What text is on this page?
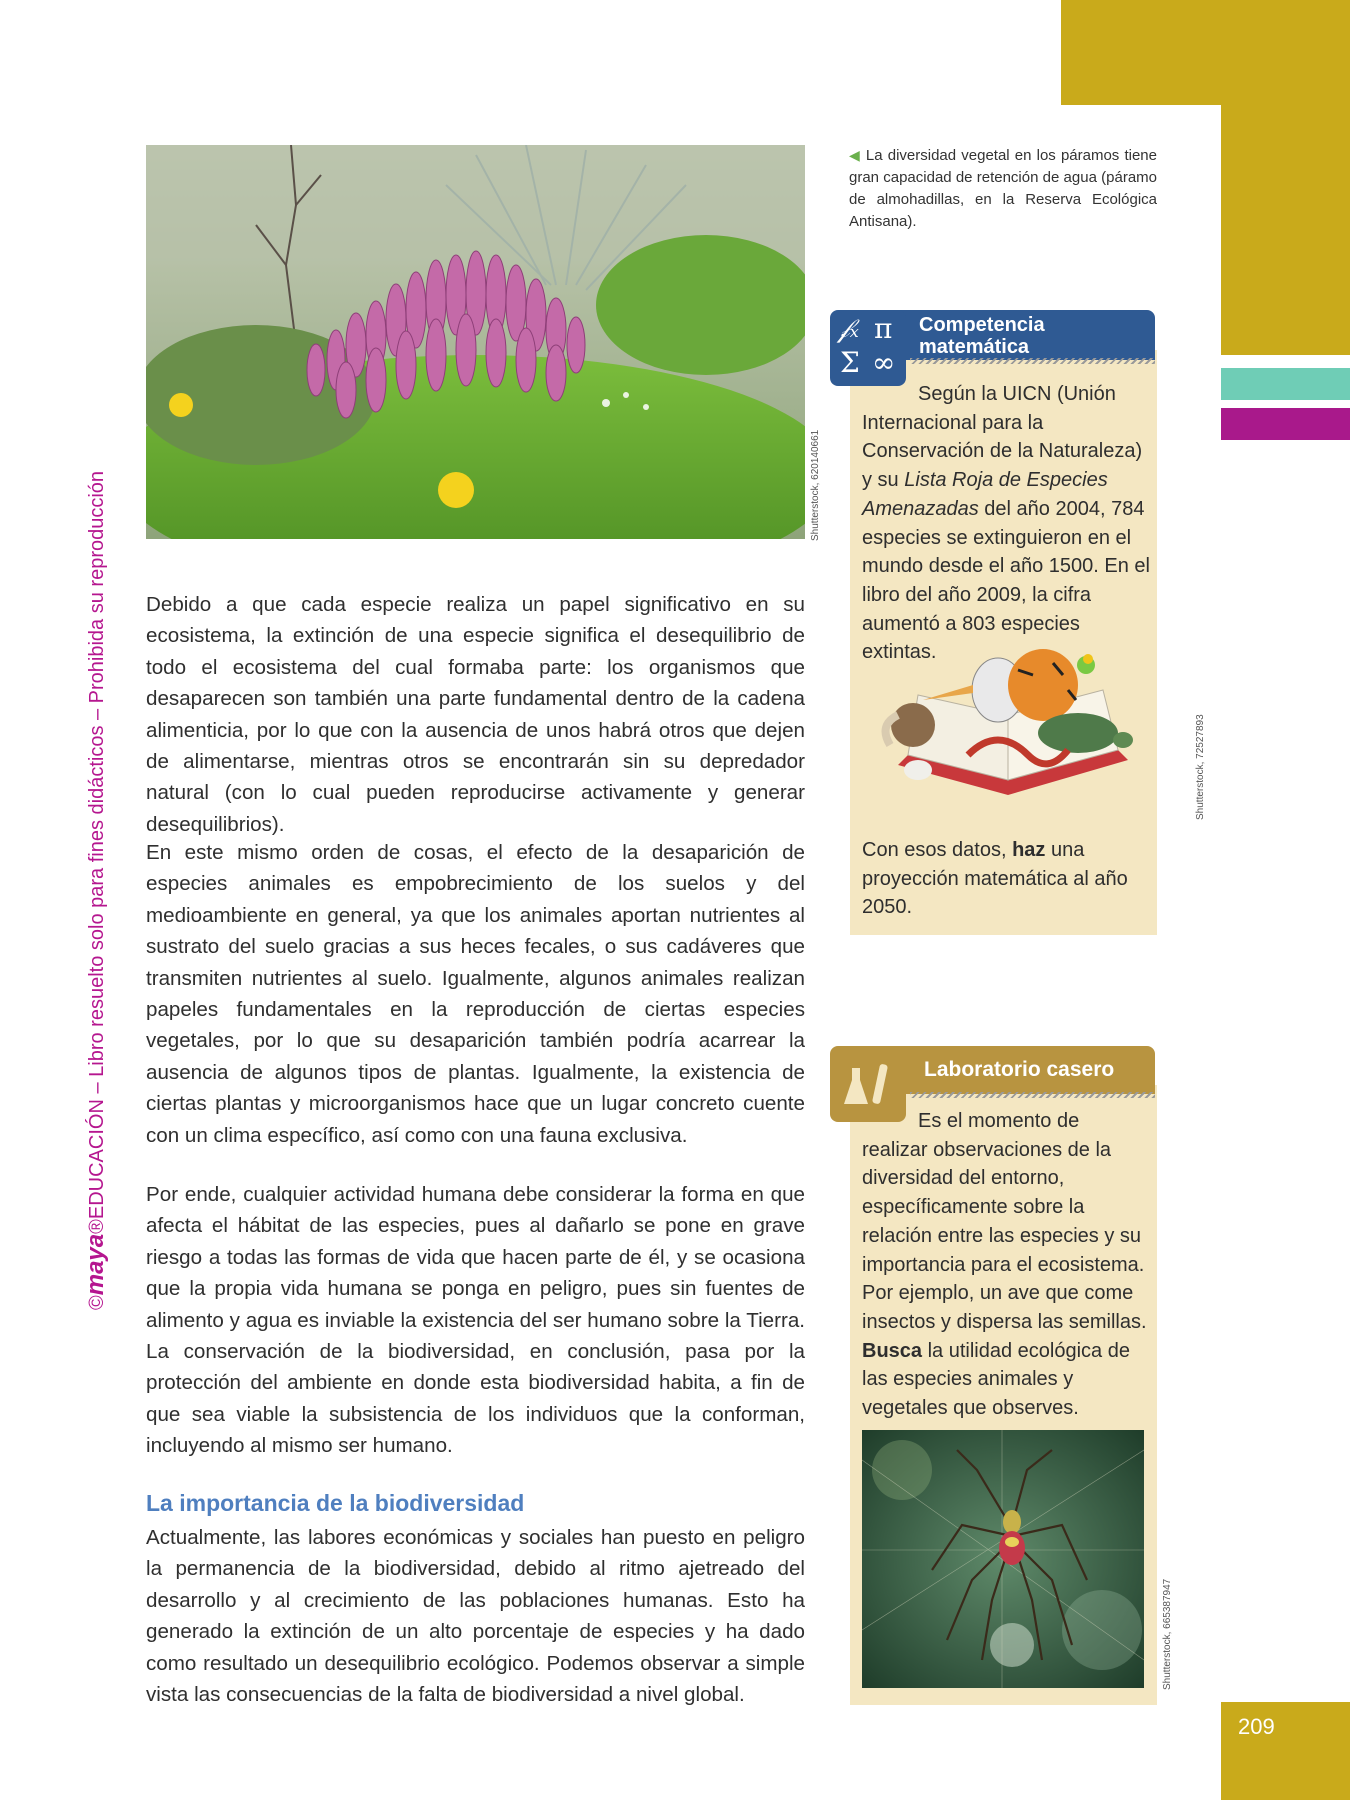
©maya®EDUCACIÓN – Libro resuelto solo para fines didácticos – Prohibida su reproducción	Shutterstock, 620140661
◀ La diversidad vegetal en los páramos tiene gran capacidad de retención de agua (páramo de almohadillas, en la Reserva Ecológica Antisana).

Debido a que cada especie realiza un papel significativo en su ecosistema, la extinción de una especie significa el desequilibrio de todo el ecosistema del cual formaba parte: los organismos que desaparecen son también una parte fundamental dentro de la cadena alimenticia, por lo que con la ausencia de unos habrá otros que dejen de alimentarse, mientras otros se encontrarán sin su depredador natural (con lo cual pueden reproducirse activamente y generar desequilibrios).

En este mismo orden de cosas, el efecto de la desaparición de especies animales es empobrecimiento de los suelos y del medioambiente en general, ya que los animales aportan nutrientes al sustrato del suelo gracias a sus heces fecales, o sus cadáveres que transmiten nutrientes al suelo. Igualmente, algunos animales realizan papeles fundamentales en la reproducción de ciertas especies vegetales, por lo que su desaparición también podría acarrear la ausencia de algunos tipos de plantas. Igualmente, la existencia de ciertas plantas y microorganismos hace que un lugar concreto cuente con un clima específico, así como con una fauna exclusiva.

Por ende, cualquier actividad humana debe considerar la forma en que afecta el hábitat de las especies, pues al dañarlo se pone en grave riesgo a todas las formas de vida que hacen parte de él, y se ocasiona que la propia vida humana se ponga en peligro, pues sin fuentes de alimento y agua es inviable la existencia del ser humano sobre la Tierra. La conservación de la biodiversidad, en conclusión, pasa por la protección del ambiente en donde esta biodiversidad habita, a fin de que sea viable la subsistencia de los individuos que la conforman, incluyendo al mismo ser humano.

La importancia de la biodiversidad

Actualmente, las labores económicas y sociales han puesto en peligro la permanencia de la biodiversidad, debido al ritmo ajetreado del desarrollo y al crecimiento de las poblaciones humanas. Esto ha generado la extinción de un alto porcentaje de especies y ha dado como resultado un desequilibrio ecológico. Podemos observar a simple vista las consecuencias de la falta de biodiversidad a nivel global.

Competencia
matemática
𝒻ₓ π
Σ ∞

Según la UICN (Unión Internacional para la Conservación de la Naturaleza) y su Lista Roja de Especies Amenazadas del año 2004, 784 especies se extinguieron en el mundo desde el año 1500. En el libro del año 2009, la cifra aumentó a 803 especies extintas.

Shutterstock, 72527893

Con esos datos, haz una proyección matemática al año 2050.

Laboratorio casero

Es el momento de realizar observaciones de la diversidad del entorno, específicamente sobre la relación entre las especies y su importancia para el ecosistema. Por ejemplo, un ave que come insectos y dispersa las semillas. Busca la utilidad ecológica de las especies animales y vegetales que observes.

Shutterstock, 665387947
209
